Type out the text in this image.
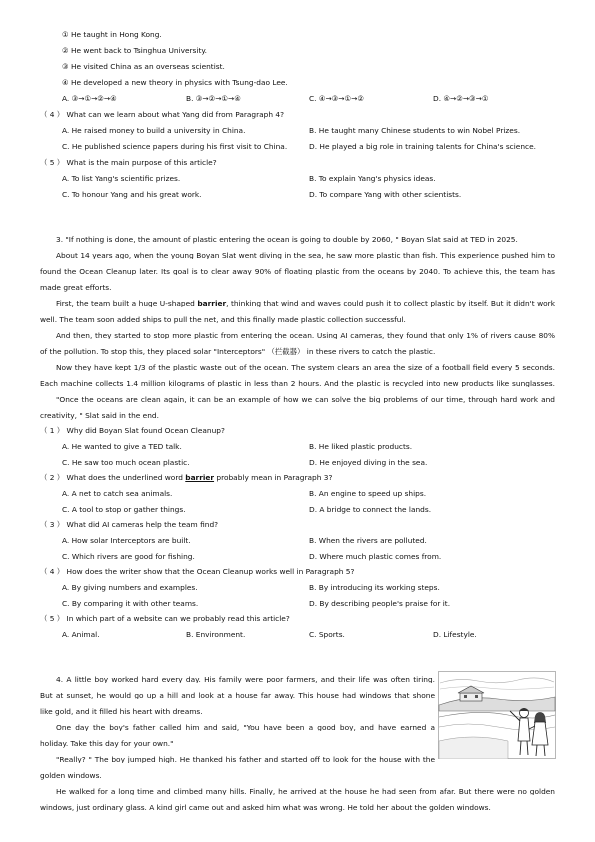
① He taught in Hong Kong.
② He went back to Tsinghua University.
③ He visited China as an overseas scientist.
④ He developed a new theory in physics with Tsung-dao Lee.
A. ③→①→②→④	B. ③→②→①→④	C. ④→③→①→②	D. ④→②→③→①
（ 4 ） What can we learn about what Yang did from Paragraph 4?
A. He raised money to build a university in China.	B. He taught many Chinese students to win Nobel Prizes.
C. He published science papers during his first visit to China.	D. He played a big role in training talents for China's science.
（ 5 ） What is the main purpose of this article?
A. To list Yang's scientific prizes.	B. To explain Yang's physics ideas.
C. To honour Yang and his great work.	D. To compare Yang with other scientists.
3. "If nothing is done, the amount of plastic entering the ocean is going to double by 2060, " Boyan Slat said at TED in 2025.
About 14 years ago, when the young Boyan Slat went diving in the sea, he saw more plastic than fish. This experience pushed him to
found the Ocean Cleanup later. Its goal is to clear away 90% of floating plastic from the oceans by 2040. To achieve this, the team has
made great efforts.
First, the team built a huge U-shaped barrier, thinking that wind and waves could push it to collect plastic by itself. But it didn't work
well. The team soon added ships to pull the net, and this finally made plastic collection successful.
And then, they started to stop more plastic from entering the ocean. Using AI cameras, they found that only 1% of rivers cause 80%
of the pollution. To stop this, they placed solar "Interceptors" （拦截器） in these rivers to catch the plastic.
Now they have kept 1/3 of the plastic waste out of the ocean. The system clears an area the size of a football field every 5 seconds.
Each machine collects 1.4 million kilograms of plastic in less than 2 hours. And the plastic is recycled into new products like sunglasses.
"Once the oceans are clean again, it can be an example of how we can solve the big problems of our time, through hard work and
creativity, " Slat said in the end.
（ 1 ） Why did Boyan Slat found Ocean Cleanup?
A. He wanted to give a TED talk.	B. He liked plastic products.
C. He saw too much ocean plastic.	D. He enjoyed diving in the sea.
（ 2 ） What does the underlined word barrier probably mean in Paragraph 3?
A. A net to catch sea animals.	B. An engine to speed up ships.
C. A tool to stop or gather things.	D. A bridge to connect the lands.
（ 3 ） What did AI cameras help the team find?
A. How solar Interceptors are built.	B. When the rivers are polluted.
C. Which rivers are good for fishing.	D. Where much plastic comes from.
（ 4 ） How does the writer show that the Ocean Cleanup works well in Paragraph 5?
A. By giving numbers and examples.	B. By introducing its working steps.
C. By comparing it with other teams.	D. By describing people's praise for it.
（ 5 ） In which part of a website can we probably read this article?
A. Animal.	B. Environment.	C. Sports.	D. Lifestyle.
4. A little boy worked hard every day. His family were poor farmers, and their life was often tiring.
But at sunset, he would go up a hill and look at a house far away. This house had windows that shone
like gold, and it filled his heart with dreams.
One day the boy's father called him and said, "You have been a good boy, and have earned a
holiday. Take this day for your own."
"Really? " The boy jumped high. He thanked his father and started off to look for the house with the
golden windows.
He walked for a long time and climbed many hills. Finally, he arrived at the house he had seen from afar. But there were no golden
windows, just ordinary glass. A kind girl came out and asked him what was wrong. He told her about the golden windows.
